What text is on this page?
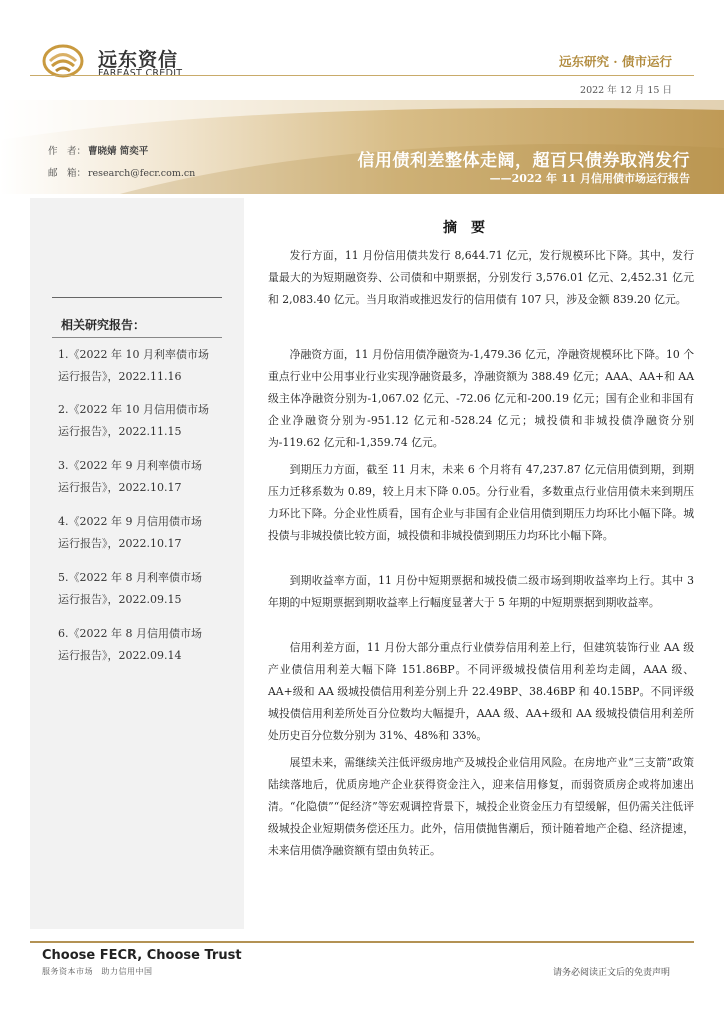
远东资信
FAREAST CREDIT
远东研究 · 债市运行
2022 年 12 月 15 日
作　者： 曹晓婧 简奕平
邮　箱： research@fecr.com.cn
信用债利差整体走阔，超百只债券取消发行
——2022 年 11 月信用债市场运行报告
相关研究报告：
1.《2022 年 10 月利率债市场
运行报告》，2022.11.16
2.《2022 年 10 月信用债市场
运行报告》，2022.11.15
3.《2022 年 9 月利率债市场
运行报告》，2022.10.17
4.《2022 年 9 月信用债市场
运行报告》，2022.10.17
5.《2022 年 8 月利率债市场
运行报告》，2022.09.15
6.《2022 年 8 月信用债市场
运行报告》，2022.09.14
摘要

发行方面，11 月份信用债共发行 8,644.71 亿元，发行规模环比下降。其中，发行量最大的为短期融资券、公司债和中期票据，分别发行 3,576.01 亿元、2,452.31 亿元和 2,083.40 亿元。当月取消或推迟发行的信用债有 107 只，涉及金额 839.20 亿元。

净融资方面，11 月份信用债净融资为-1,479.36 亿元，净融资规模环比下降。10 个重点行业中公用事业行业实现净融资最多，净融资额为 388.49 亿元；AAA、AA+和 AA 级主体净融资分别为-1,067.02 亿元、-72.06 亿元和-200.19 亿元；国有企业和非国有企业净融资分别为-951.12 亿元和-528.24 亿元；城投债和非城投债净融资分别为-119.62 亿元和-1,359.74 亿元。

到期压力方面，截至 11 月末，未来 6 个月将有 47,237.87 亿元信用债到期，到期压力迁移系数为 0.89，较上月末下降 0.05。分行业看，多数重点行业信用债未来到期压力环比下降。分企业性质看，国有企业与非国有企业信用债到期压力均环比小幅下降。城投债与非城投债比较方面，城投债和非城投债到期压力均环比小幅下降。

到期收益率方面，11 月份中短期票据和城投债二级市场到期收益率均上行。其中 3 年期的中短期票据到期收益率上行幅度显著大于 5 年期的中短期票据到期收益率。

信用利差方面，11 月份大部分重点行业债券信用利差上行，但建筑装饰行业 AA 级产业债信用利差大幅下降 151.86BP。不同评级城投债信用利差均走阔，AAA 级、AA+级和 AA 级城投债信用利差分别上升 22.49BP、38.46BP 和 40.15BP。不同评级城投债信用利差所处百分位数均大幅提升，AAA 级、AA+级和 AA 级城投债信用利差所处历史百分位数分别为 31%、48%和 33%。

展望未来，需继续关注低评级房地产及城投企业信用风险。在房地产业“三支箭”政策陆续落地后，优质房地产企业获得资金注入，迎来信用修复，而弱资质房企或将加速出清。“化隐债”“促经济”等宏观调控背景下，城投企业资金压力有望缓解，但仍需关注低评级城投企业短期债务偿还压力。此外，信用债抛售潮后，预计随着地产企稳、经济提速，未来信用债净融资额有望由负转正。

Choose FECR, Choose Trust
服务资本市场　助力信用中国	请务必阅读正文后的免责声明
